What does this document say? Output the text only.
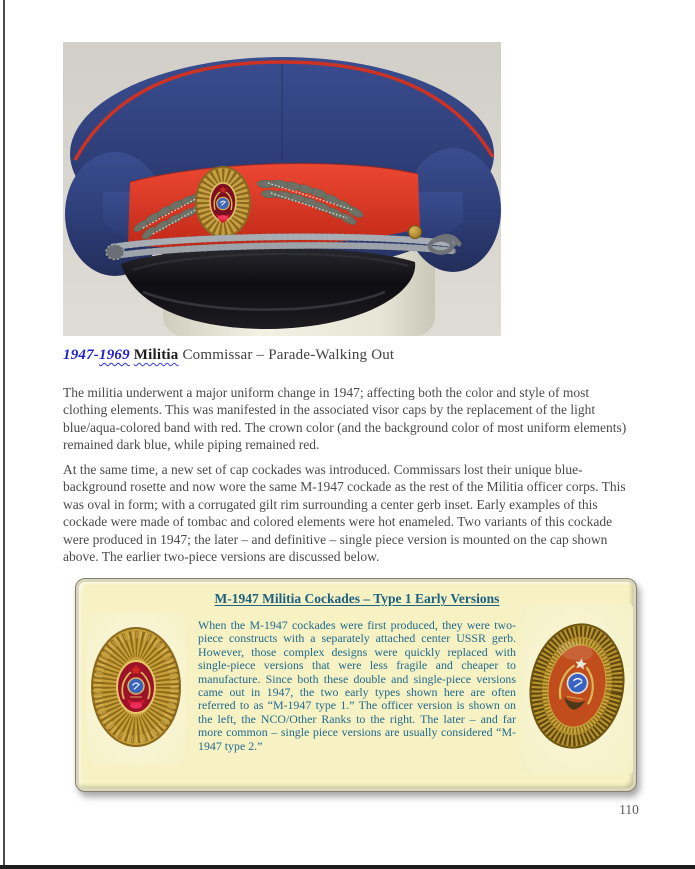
1947-1969 Militia Commissar – Parade-Walking Out
The militia underwent a major uniform change in 1947; affecting both the color and style of most clothing elements. This was manifested in the associated visor caps by the replacement of the light blue/aqua-colored band with red. The crown color (and the background color of most uniform elements) remained dark blue, while piping remained red.
At the same time, a new set of cap cockades was introduced. Commissars lost their unique blue-background rosette and now wore the same M-1947 cockade as the rest of the Militia officer corps. This was oval in form; with a corrugated gilt rim surrounding a center gerb inset. Early examples of this cockade were made of tombac and colored elements were hot enameled. Two variants of this cockade were produced in 1947; the later – and definitive – single piece version is mounted on the cap shown above. The earlier two-piece versions are discussed below.
M-1947 Militia Cockades – Type 1 Early Versions
When the M-1947 cockades were first produced, they were two-piece constructs with a separately attached center USSR gerb. However, those complex designs were quickly replaced with single-piece versions that were less fragile and cheaper to manufacture. Since both these double and single-piece versions came out in 1947, the two early types shown here are often referred to as “M-1947 type 1.” The officer version is shown on the left, the NCO/Other Ranks to the right. The later – and far more common – single piece versions are usually considered “M-1947 type 2.”
110
